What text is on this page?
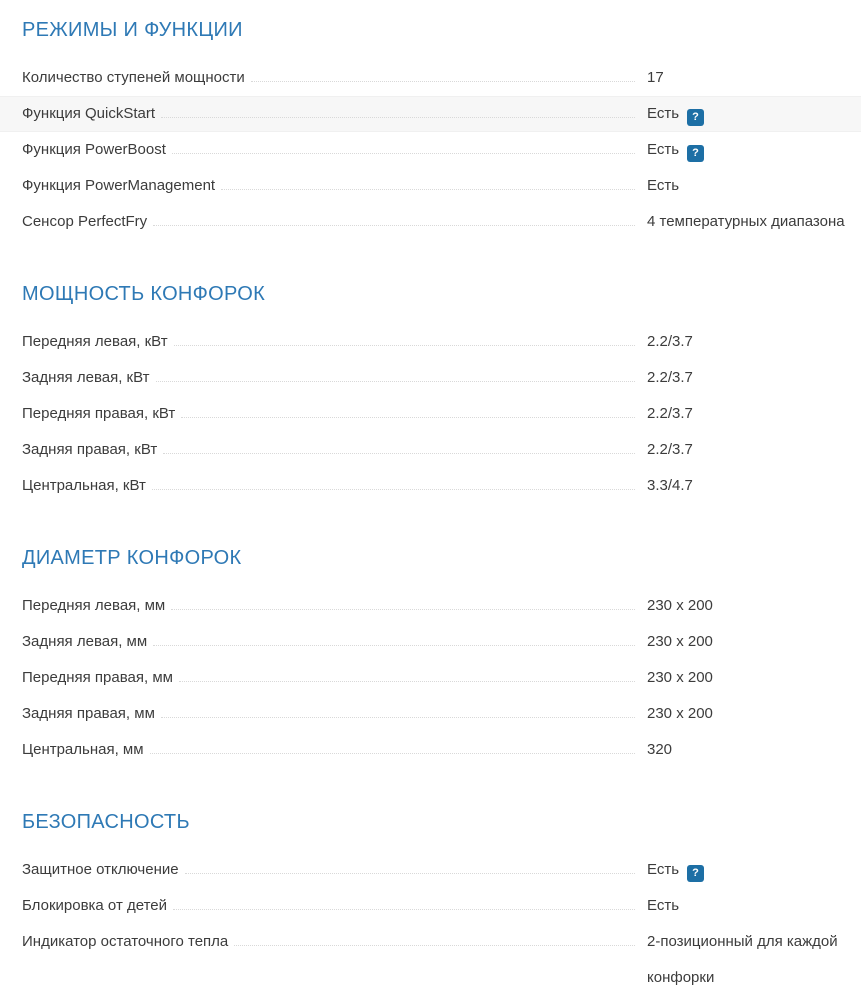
РЕЖИМЫ И ФУНКЦИИ
Количество ступеней мощности	17
Функция QuickStart	Есть ?
Функция PowerBoost	Есть ?
Функция PowerManagement	Есть
Сенсор PerfectFry	4 температурных диапазона
МОЩНОСТЬ КОНФОРОК
Передняя левая, кВт	2.2/3.7
Задняя левая, кВт	2.2/3.7
Передняя правая, кВт	2.2/3.7
Задняя правая, кВт	2.2/3.7
Центральная, кВт	3.3/4.7
ДИАМЕТР КОНФОРОК
Передняя левая, мм	230 x 200
Задняя левая, мм	230 x 200
Передняя правая, мм	230 x 200
Задняя правая, мм	230 x 200
Центральная, мм	320
БЕЗОПАСНОСТЬ
Защитное отключение	Есть ?
Блокировка от детей	Есть
Индикатор остаточного тепла	2-позиционный для каждой конфорки
